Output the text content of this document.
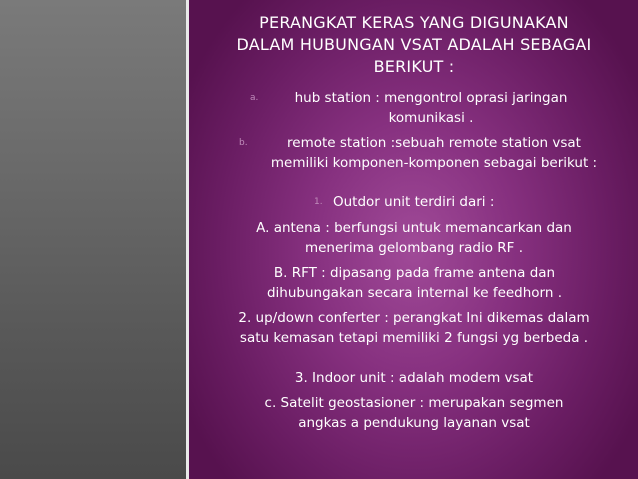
PERANGKAT KERAS YANG DIGUNAKAN DALAM HUBUNGAN VSAT ADALAH SEBAGAI BERIKUT :
a.	hub station : mengontrol oprasi jaringan komunikasi .
b.	remote station :sebuah remote station vsat memiliki komponen-komponen sebagai berikut :
1. Outdor unit terdiri dari :
A. antena : berfungsi untuk memancarkan dan menerima gelombang radio RF .
B. RFT : dipasang pada frame antena dan dihubungakan secara internal ke feedhorn .
2. up/down conferter : perangkat Ini dikemas dalam satu kemasan tetapi memiliki 2 fungsi yg berbeda .
3. Indoor unit : adalah modem vsat
c. Satelit geostasioner : merupakan segmen angkas a pendukung layanan vsat
